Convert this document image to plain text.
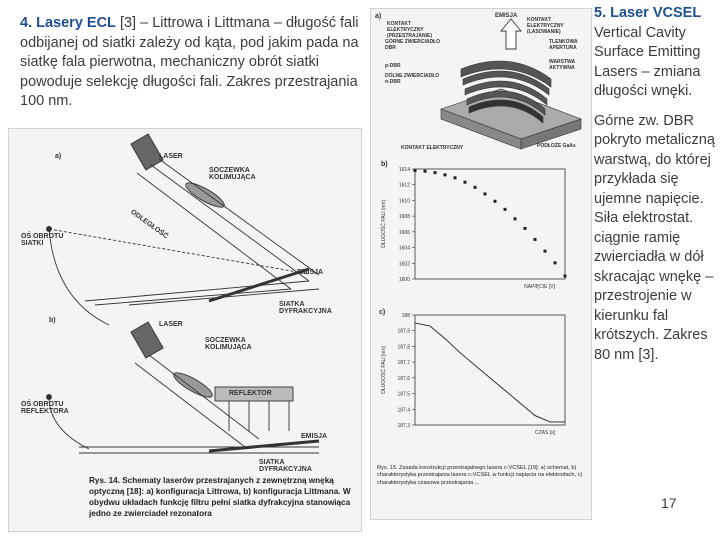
4. Lasery ECL [3] – Littrowa i Littmana – długość fali odbijanej od siatki zależy od kąta, pod jakim pada na siatkę fala pierwotna, mechaniczny obrót siatki powoduje selekcję długości fali. Zakres przestrajania 100 nm.
5. Laser VCSEL
Vertical Cavity Surface Emitting Lasers – zmiana długości wnęki.
Górne zw. DBR pokryto metaliczną warstwą, do której przykłada się ujemne napięcie. Siła elektrostat. ciągnie ramię zwierciadła w dół skracając wnękę – przestrojenie w kierunku fal krótszych. Zakres 80 nm [3].
a)	LASER
SOCZEWKA KOLIMUJĄCA
ODLEGŁOŚĆ
OŚ OBROTU SIATKI
EMISJA
SIATKA DYFRAKCYJNA
b)
LASER
SOCZEWKA KOLIMUJĄCA
REFLEKTOR
OŚ OBROTU REFLEKTORA
EMISJA
SIATKA DYFRAKCYJNA
Rys. 14. Schematy laserów przestrajanych z zewnętrzną wnęką optyczną [18]: a) konfiguracja Littrowa, b) konfiguracja Littmana. W obydwu układach funkcję filtru pełni siatka dyfrakcyjna stanowiąca jedno ze zwierciadeł rezonatora
a)	EMISJA
KONTAKT ELEKTRYCZNY (PRZESTRAJANIE)
KONTAKT ELEKTRYCZNY (LASOWANIE)
GÓRNE ZWIERCIADŁO DBR
p-DBR
DOLNE ZWIERCIADŁO n-DBR
TLENKOWA APERTURA
WARSTWA AKTYWNA
KONTAKT ELEKTRYCZNY	PODŁOŻE GaAs
b)
1614
1612
1610
1608
1606
1604
1602
1600
DŁUGOŚĆ FALI [nm]
NAPIĘCIE [V]
c)	188
187,9
187,8
187,7
187,6
187,5
187,4
187,3
DŁUGOŚĆ FALI [nm]
CZAS [s]
Rys. 15. Zasada konstrukcji przestrajalnego lasera c-VCSEL [19]: a) schemat, b) charakterystyka przestrajania lasera c-VCSEL w funkcji napięcia na elektrodach, c) charakterystyka czasowa przestrajania ...
17
